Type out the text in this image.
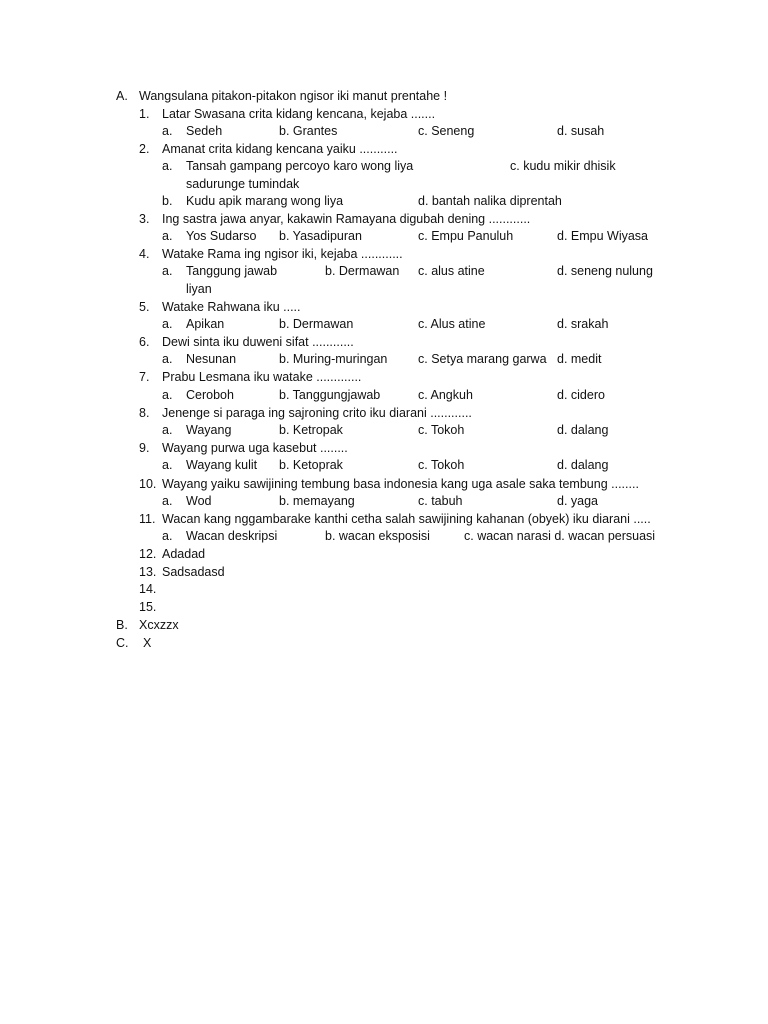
A. Wangsulana pitakon-pitakon ngisor iki manut prentahe !
1. Latar Swasana crita kidang kencana, kejaba .......
a. Sedeh	b. Grantes	c. Seneng	d. susah
2. Amanat crita kidang kencana yaiku ...........
a. Tansah gampang percoyo karo wong liya	c. kudu mikir dhisik
sadurunge tumindak
b. Kudu apik marang wong liya	d. bantah nalika diprentah
3. Ing sastra jawa anyar, kakawin Ramayana digubah dening ............
a. Yos Sudarso b. Yasadipuran	c. Empu Panuluh	d. Empu Wiyasa
4. Watake Rama ing ngisor iki, kejaba ............
a. Tanggung jawab	b. Dermawan c. alus atine	d. seneng nulung
liyan
5. Watake Rahwana iku .....
a. Apikan	b. Dermawan	c. Alus atine	d. srakah
6. Dewi sinta iku duweni sifat ............
a. Nesunan	b. Muring-muringan c. Setya marang garwa d. medit
7. Prabu Lesmana iku watake .............
a. Ceroboh	b. Tanggungjawab	c. Angkuh	d. cidero
8. Jenenge si paraga ing sajroning crito iku diarani ............
a. Wayang	b. Ketropak	c. Tokoh	d. dalang
9. Wayang purwa uga kasebut ........
a. Wayang kulit b. Ketoprak	c. Tokoh	d. dalang
10. Wayang yaiku sawijining tembung basa indonesia kang uga asale saka tembung ........
a. Wod	b. memayang	c. tabuh	d. yaga
11. Wacan kang nggambarake kanthi cetha salah sawijining kahanan (obyek) iku diarani .....
a. Wacan deskripsi	b. wacan eksposisi	c. wacan narasi d. wacan persuasi
12. Adadad
13. Sadsadasd
14.
15.
B. Xcxzzx
C. X
